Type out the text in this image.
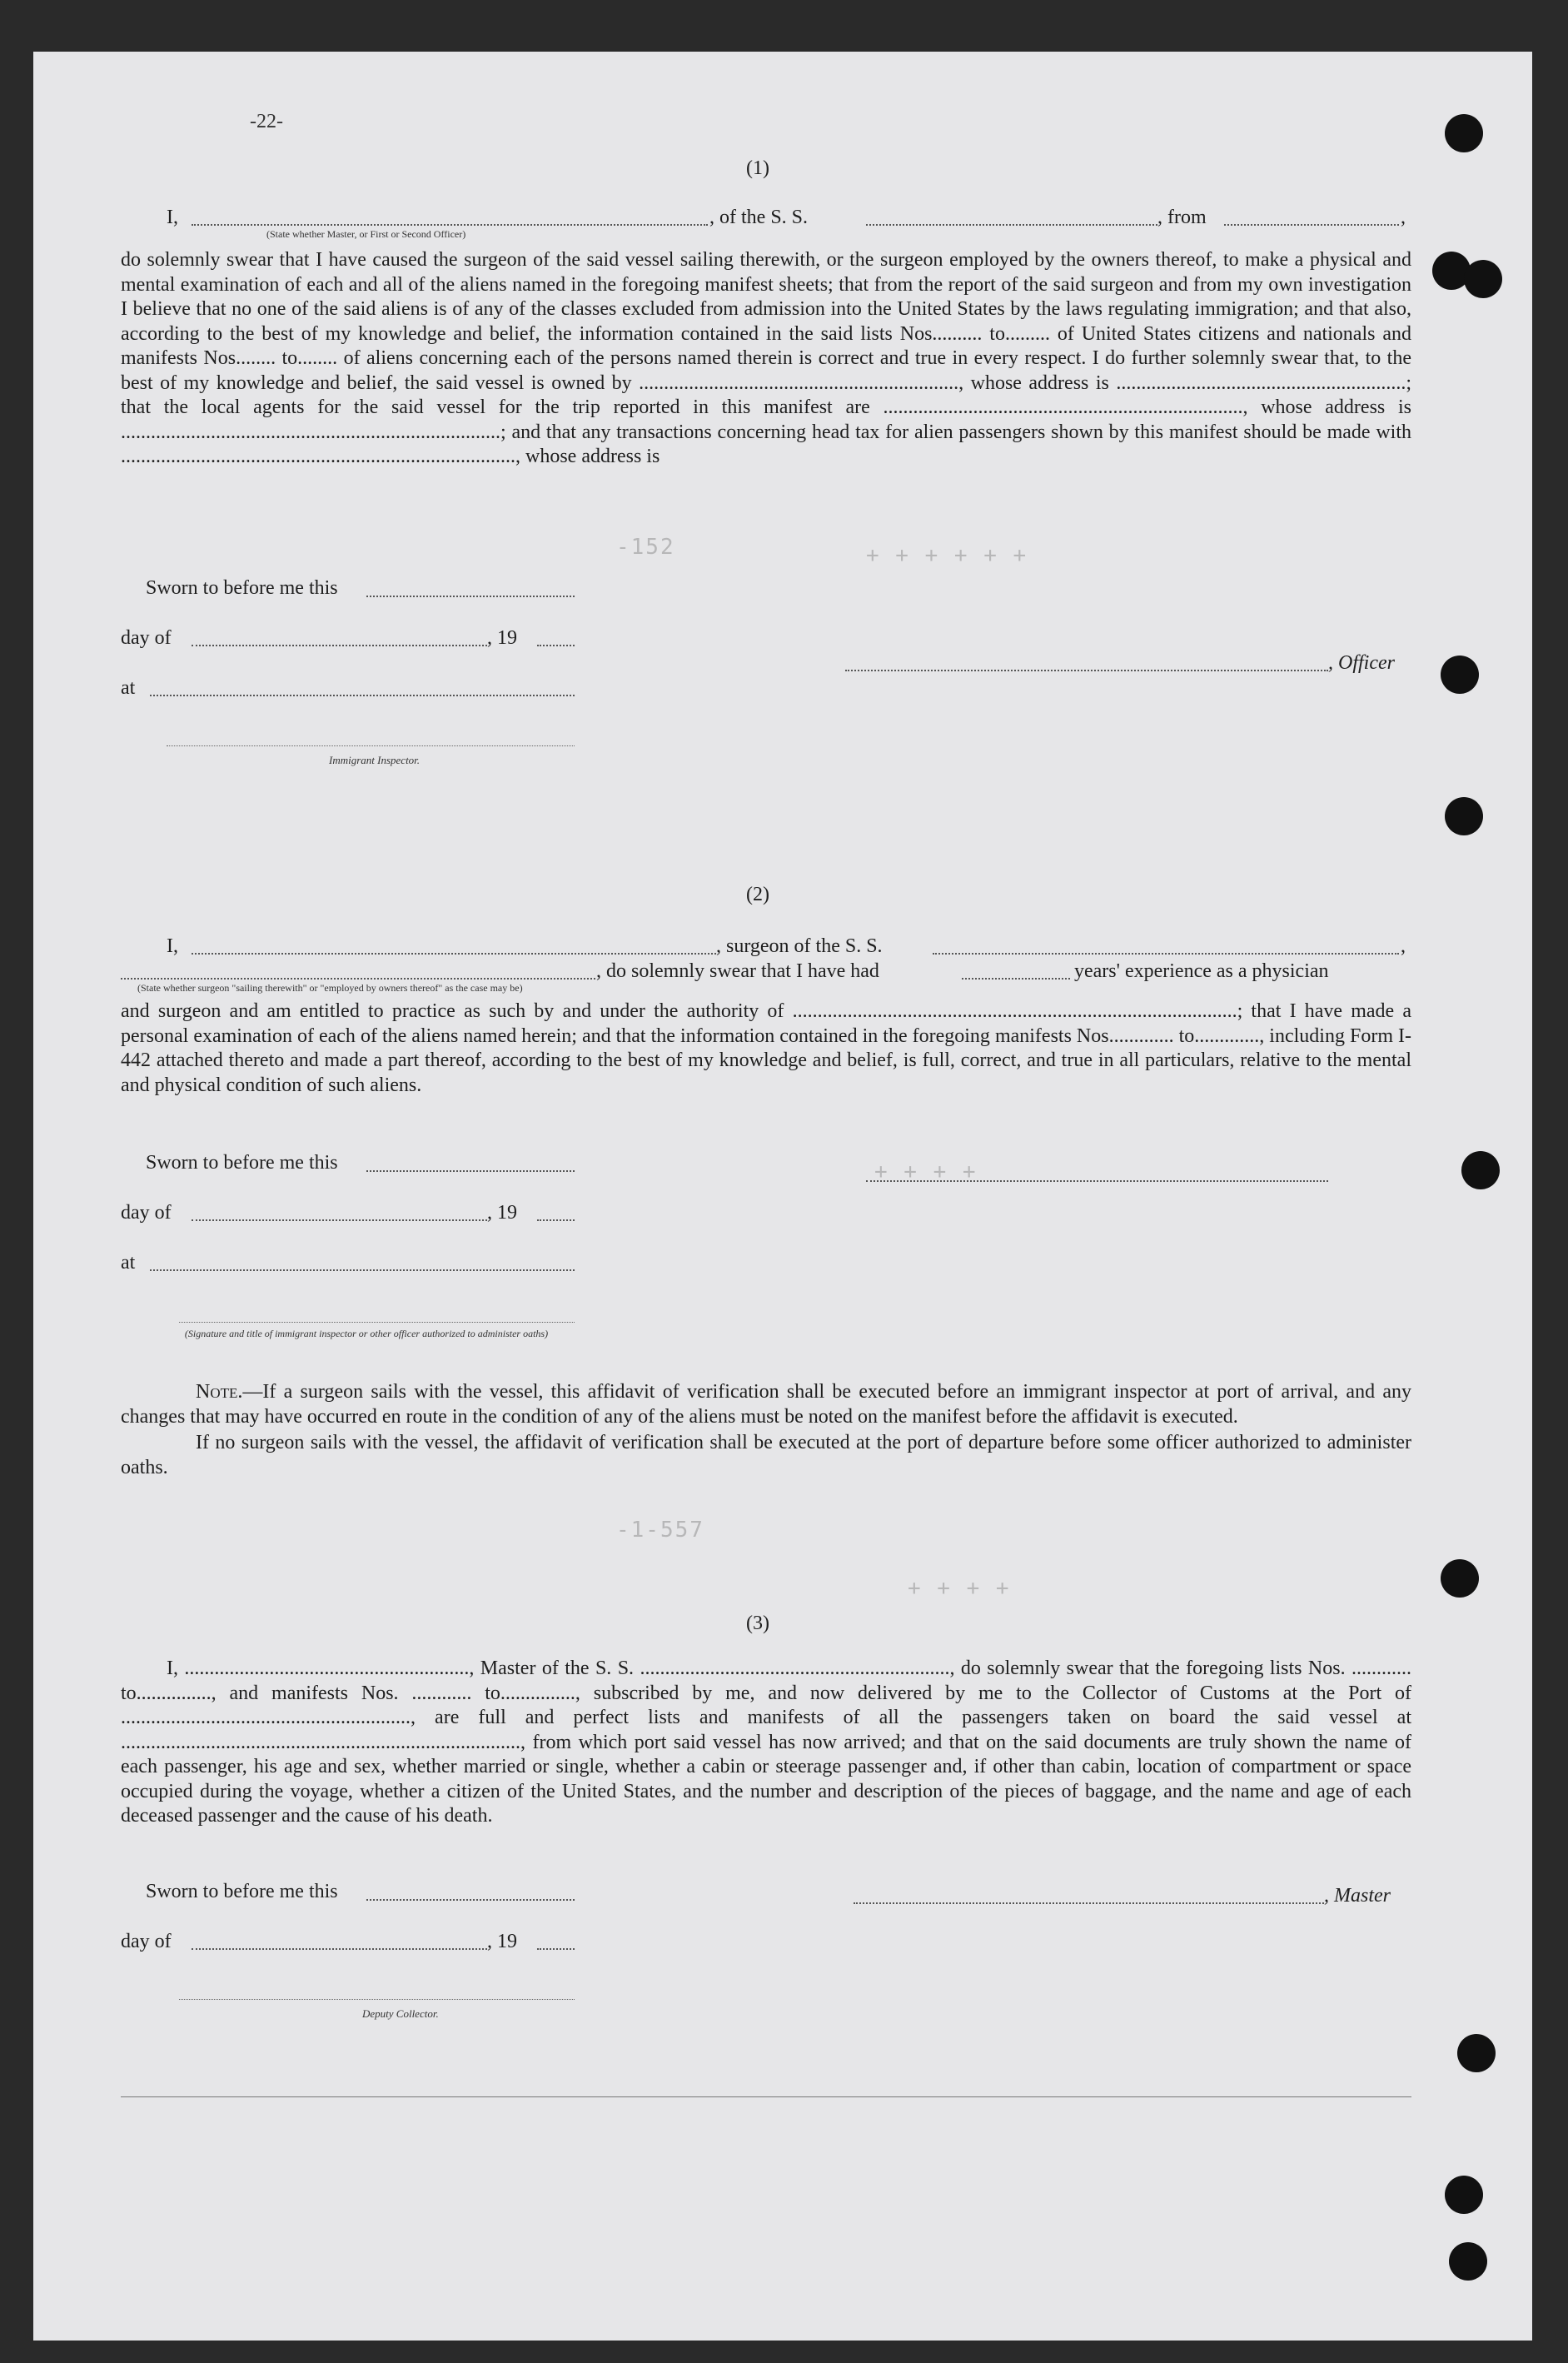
-152	+ + + + + +
+ + + +
-1-557
+ + + +
-22-
(1)
I,	, of the S. S.	, from	,
(State whether Master, or First or Second Officer)

do solemnly swear that I have caused the surgeon of the said vessel sailing therewith, or the surgeon employed by the owners thereof, to make a physical and mental examination of each and all of the aliens named in the foregoing manifest sheets; that from the report of the said surgeon and from my own investigation I believe that no one of the said aliens is of any of the classes excluded from admission into the United States by the laws regulating immigration; and that also, according to the best of my knowledge and belief, the information contained in the said lists Nos.......... to......... of United States citizens and nationals and manifests Nos........ to........ of aliens concerning each of the persons named therein is correct and true in every respect. I do further solemnly swear that, to the best of my knowledge and belief, the said vessel is owned by ................................................................, whose address is ..........................................................; that the local agents for the said vessel for the trip reported in this manifest are ........................................................................, whose address is ............................................................................; and that any transactions concerning head tax for alien passengers shown by this manifest should be made with ..............................................................................., whose address is

Sworn to before me this
day of	, 19
at
Immigrant Inspector.
, Officer
(2)
I,	, surgeon of the S. S.	,
, do solemnly swear that I have had	years' experience as a physician
(State whether surgeon "sailing therewith" or "employed by owners thereof" as the case may be)

and surgeon and am entitled to practice as such by and under the authority of .........................................................................................; that I have made a personal examination of each of the aliens named herein; and that the information contained in the foregoing manifests Nos............. to............., including Form I-442 attached thereto and made a part thereof, according to the best of my knowledge and belief, is full, correct, and true in all particulars, relative to the mental and physical condition of such aliens.

Sworn to before me this
day of	, 19
at
(Signature and title of immigrant inspector or other officer authorized to administer oaths)

Note.—If a surgeon sails with the vessel, this affidavit of verification shall be executed before an immigrant inspector at port of arrival, and any changes that may have occurred en route in the condition of any of the aliens must be noted on the manifest before the affidavit is executed.

If no surgeon sails with the vessel, the affidavit of verification shall be executed at the port of departure before some officer authorized to administer oaths.

(3)

I, ........................................................., Master of the S. S. .............................................................., do solemnly swear that the foregoing lists Nos. ............ to..............., and manifests Nos. ............ to..............., subscribed by me, and now delivered by me to the Collector of Customs at the Port of .........................................................., are full and perfect lists and manifests of all the passengers taken on board the said vessel at ................................................................................, from which port said vessel has now arrived; and that on the said documents are truly shown the name of each passenger, his age and sex, whether married or single, whether a cabin or steerage passenger and, if other than cabin, location of compartment or space occupied during the voyage, whether a citizen of the United States, and the number and description of the pieces of baggage, and the name and age of each deceased passenger and the cause of his death.

Sworn to before me this
day of	, 19
Deputy Collector.
, Master
